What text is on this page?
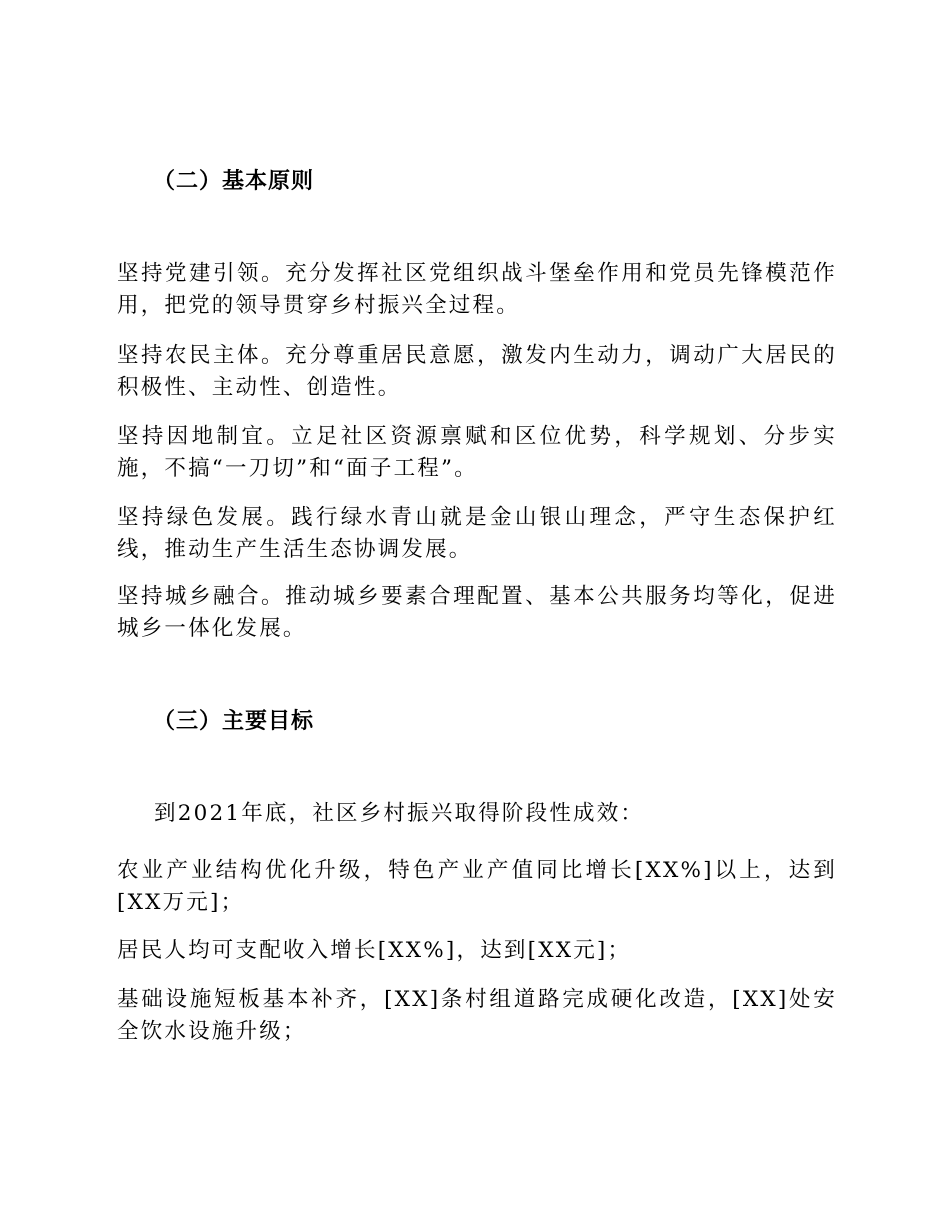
（二）基本原则
坚持党建引领。充分发挥社区党组织战斗堡垒作用和党员先锋模范作用，把党的领导贯穿乡村振兴全过程。
坚持农民主体。充分尊重居民意愿，激发内生动力，调动广大居民的积极性、主动性、创造性。
坚持因地制宜。立足社区资源禀赋和区位优势，科学规划、分步实施，不搞“一刀切”和“面子工程”。
坚持绿色发展。践行绿水青山就是金山银山理念，严守生态保护红线，推动生产生活生态协调发展。
坚持城乡融合。推动城乡要素合理配置、基本公共服务均等化，促进城乡一体化发展。
（三）主要目标
到2021年底，社区乡村振兴取得阶段性成效：
农业产业结构优化升级，特色产业产值同比增长[XX%]以上，达到[XX万元]；
居民人均可支配收入增长[XX%]，达到[XX元]；
基础设施短板基本补齐，[XX]条村组道路完成硬化改造，[XX]处安全饮水设施升级；
